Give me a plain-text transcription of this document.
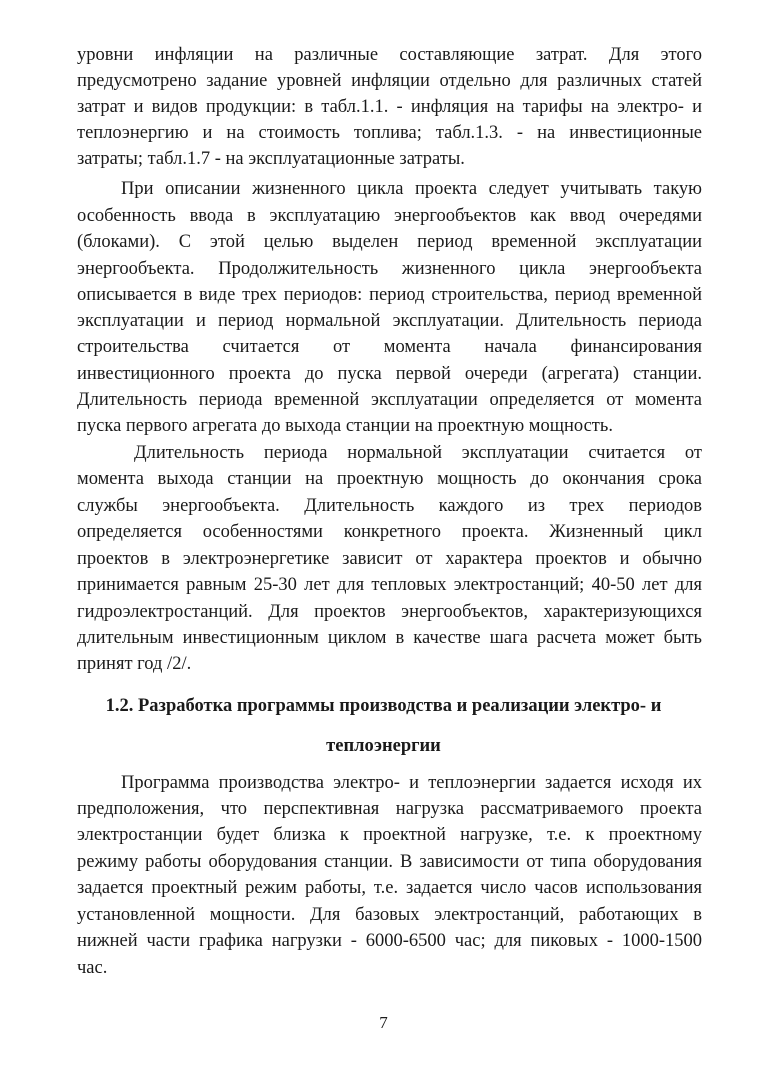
уровни инфляции на различные составляющие затрат. Для этого
предусмотрено задание уровней инфляции отдельно для различных статей
затрат и видов продукции: в табл.1.1. - инфляция на тарифы на электро- и
теплоэнергию и на стоимость топлива; табл.1.3. - на инвестиционные
затраты; табл.1.7 - на эксплуатационные затраты.
При описании жизненного цикла проекта следует учитывать такую
особенность ввода в эксплуатацию энергообъектов как ввод очередями
(блоками). С этой целью выделен период временной эксплуатации
энергообъекта. Продолжительность жизненного цикла энергообъекта
описывается в виде трех периодов: период строительства, период временной
эксплуатации и период нормальной эксплуатации. Длительность периода
строительства считается от момента начала финансирования
инвестиционного проекта до пуска первой очереди (агрегата) станции.
Длительность периода временной эксплуатации определяется от момента
пуска первого агрегата до выхода станции на проектную мощность.
Длительность периода нормальной эксплуатации считается от
момента выхода станции на проектную мощность до окончания срока
службы энергообъекта. Длительность каждого из трех периодов
определяется особенностями конкретного проекта. Жизненный цикл
проектов в электроэнергетике зависит от характера проектов и обычно
принимается равным 25-30 лет для тепловых электростанций; 40-50 лет для
гидроэлектростанций. Для проектов энергообъектов, характеризующихся
длительным инвестиционным циклом в качестве шага расчета может быть
принят год /2/.
1.2. Разработка программы производства и реализации электро- и
теплоэнергии
Программа производства электро- и теплоэнергии задается исходя их
предположения, что перспективная нагрузка рассматриваемого проекта
электростанции будет близка к проектной нагрузке, т.е. к проектному
режиму работы оборудования станции. В зависимости от типа оборудования
задается проектный режим работы, т.е. задается число часов использования
установленной мощности. Для базовых электростанций, работающих в
нижней части графика нагрузки - 6000-6500 час; для пиковых - 1000-1500
час.
7
